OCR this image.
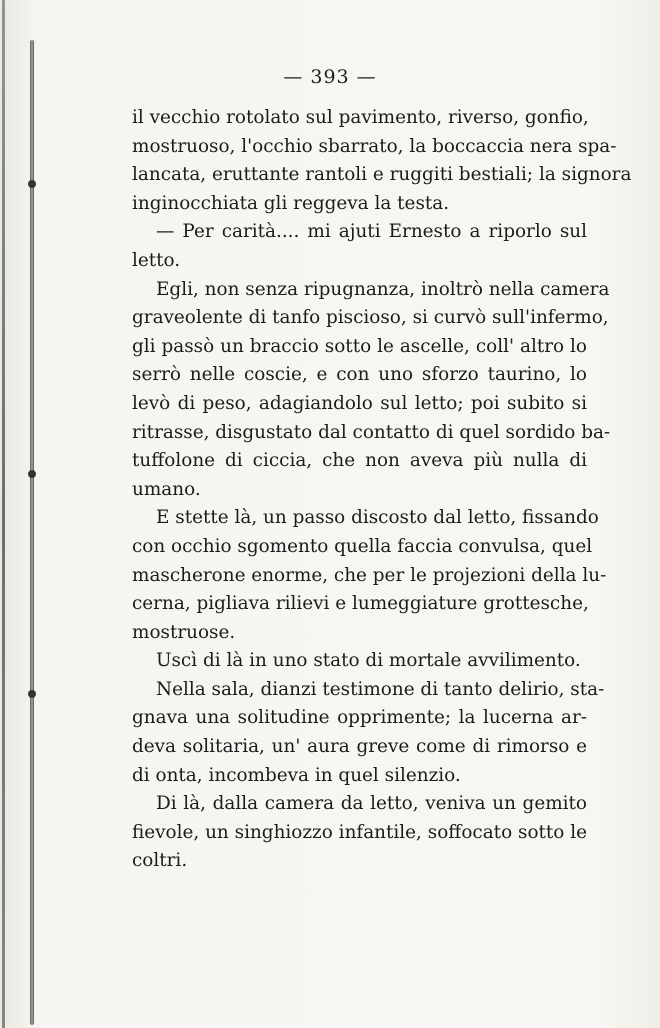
— 393 —
il vecchio rotolato sul pavimento, riverso, gonfio,
mostruoso, l'occhio sbarrato, la boccaccia nera spa-
lancata, eruttante rantoli e ruggiti bestiali; la signora
inginocchiata gli reggeva la testa.
— Per carità.... mi ajuti Ernesto a riporlo sul
letto.
Egli, non senza ripugnanza, inoltrò nella camera
graveolente di tanfo piscioso, si curvò sull'infermo,
gli passò un braccio sotto le ascelle, coll' altro lo
serrò nelle coscie, e con uno sforzo taurino, lo
levò di peso, adagiandolo sul letto; poi subito si
ritrasse, disgustato dal contatto di quel sordido ba-
tuffolone di ciccia, che non aveva più nulla di
umano.
E stette là, un passo discosto dal letto, fissando
con occhio sgomento quella faccia convulsa, quel
mascherone enorme, che per le projezioni della lu-
cerna, pigliava rilievi e lumeggiature grottesche,
mostruose.
Uscì di là in uno stato di mortale avvilimento.
Nella sala, dianzi testimone di tanto delirio, sta-
gnava una solitudine opprimente; la lucerna ar-
deva solitaria, un' aura greve come di rimorso e
di onta, incombeva in quel silenzio.
Di là, dalla camera da letto, veniva un gemito
fievole, un singhiozzo infantile, soffocato sotto le
coltri.
